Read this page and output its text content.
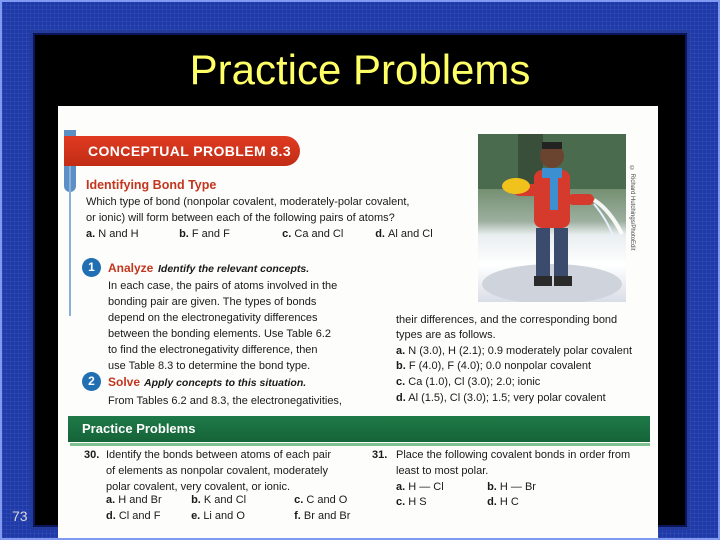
Practice Problems
73
CONCEPTUAL PROBLEM 8.3
Identifying Bond Type
Which type of bond (nonpolar covalent, moderately-polar covalent,
or ionic) will form between each of the following pairs of atoms?
a. N and H	b. F and F	c. Ca and Cl	d. Al and Cl	© Richard Hutchings/PhotoEdit
1	Analyze Identify the relevant concepts.
In each case, the pairs of atoms involved in the
bonding pair are given. The types of bonds
depend on the electronegativity differences
between the bonding elements. Use Table 6.2
to find the electronegativity difference, then
use Table 8.3 to determine the bond type.
2	Solve Apply concepts to this situation.
From Tables 6.2 and 8.3, the electronegativities,
their differences, and the corresponding bond
types are as follows.
a. N (3.0), H (2.1); 0.9 moderately polar covalent
b. F (4.0), F (4.0); 0.0 nonpolar covalent
c. Ca (1.0), Cl (3.0); 2.0; ionic
d. Al (1.5), Cl (3.0); 1.5; very polar covalent
Practice Problems
30. Identify the bonds between atoms of each pair
of elements as nonpolar covalent, moderately
polar covalent, very covalent, or ionic.
a. H and Br	b. K and Cl	c. C and O
d. Cl and F	e. Li and O	f. Br and Br
31. Place the following covalent bonds in order from
least to most polar.
a. H — Cl	b. H — Br
c. H S	d. H C
